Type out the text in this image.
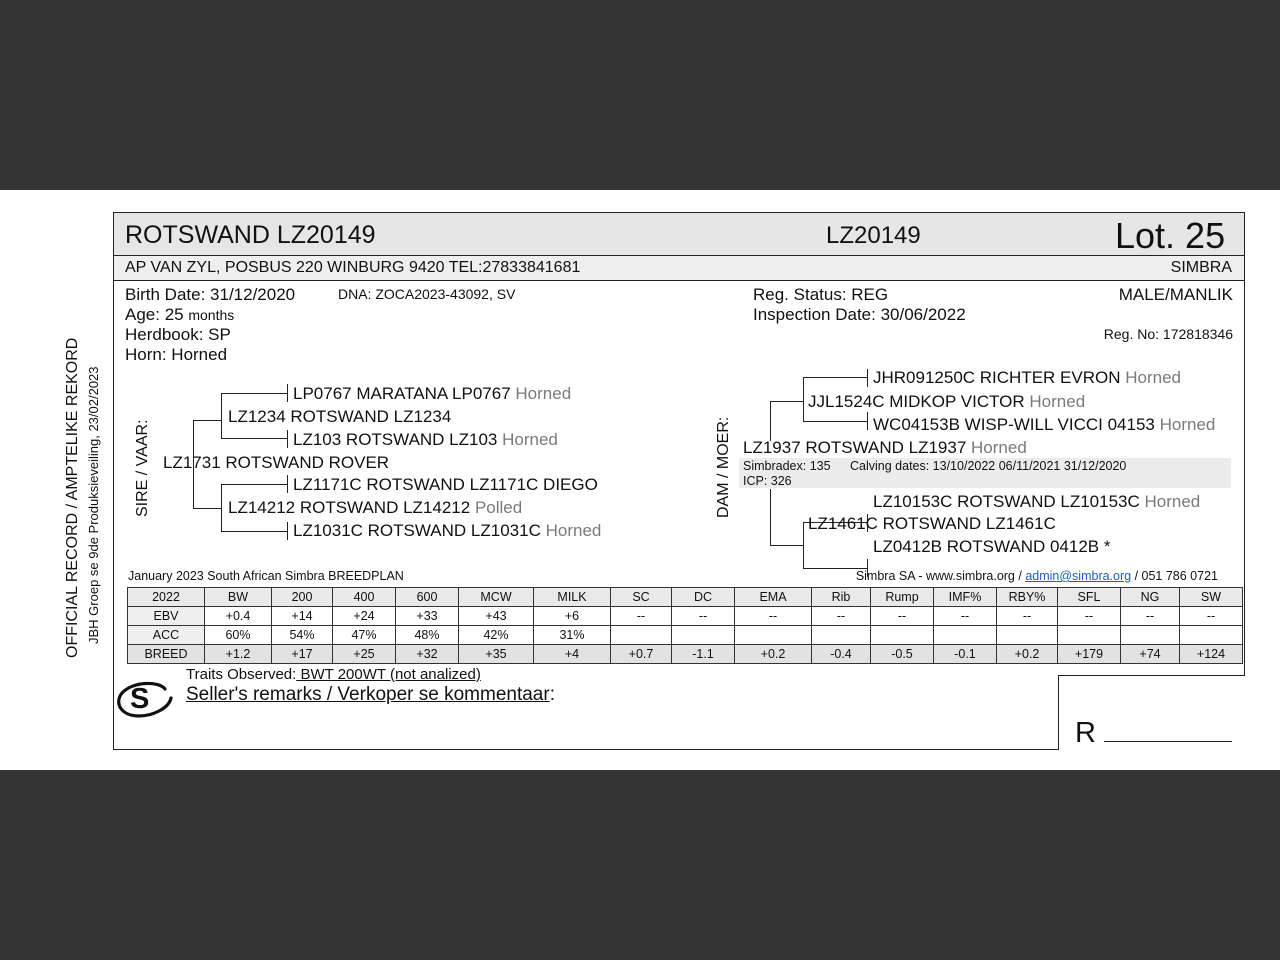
OFFICIAL RECORD / AMPTELIKE REKORD JBH Groep se 9de Produksieveiling, 23/02/2023
ROTSWAND LZ20149	LZ20149	Lot. 25
AP VAN ZYL, POSBUS 220 WINBURG 9420 TEL:27833841681	SIMBRA
Birth Date: 31/12/2020	DNA: ZOCA2023-43092, SV
Age: 25 months
Herdbook: SP
Horn: Horned
Reg. Status: REG
Inspection Date: 30/06/2022
MALE/MANLIK
Reg. No: 172818346
SIRE / VAAR:
LP0767 MARATANA LP0767 Horned
LZ1234 ROTSWAND LZ1234
LZ103 ROTSWAND LZ103 Horned
LZ1731 ROTSWAND ROVER
LZ1171C ROTSWAND LZ1171C DIEGO
LZ14212 ROTSWAND LZ14212 Polled
LZ1031C ROTSWAND LZ1031C Horned
DAM / MOER:
JHR091250C RICHTER EVRON Horned
JJL1524C MIDKOP VICTOR Horned
WC04153B WISP-WILL VICCI 04153 Horned
LZ1937 ROTSWAND LZ1937 Horned
Simbradex: 135 Calving dates: 13/10/2022 06/11/2021 31/12/2020
ICP: 326
LZ10153C ROTSWAND LZ10153C Horned
LZ1461C ROTSWAND LZ1461C
LZ0412B ROTSWAND 0412B *
January 2023 South African Simbra BREEDPLAN	Simbra SA - www.simbra.org / admin@simbra.org / 051 786 0721
2022	BW	200	400	600	MCW	MILK	SC	DC	EMA	Rib	Rump	IMF%	RBY%	SFL	NG	SW
EBV	+0.4	+14	+24	+33	+43	+6	--	--	--	--	--	--	--	--	--	--
ACC	60%	54%	47%	48%	42%	31%										
BREED	+1.2	+17	+25	+32	+35	+4	+0.7	-1.1	+0.2	-0.4	-0.5	-0.1	+0.2	+179	+74	+124
S
Traits Observed: BWT 200WT (not analized)
Seller's remarks / Verkoper se kommentaar:
R
